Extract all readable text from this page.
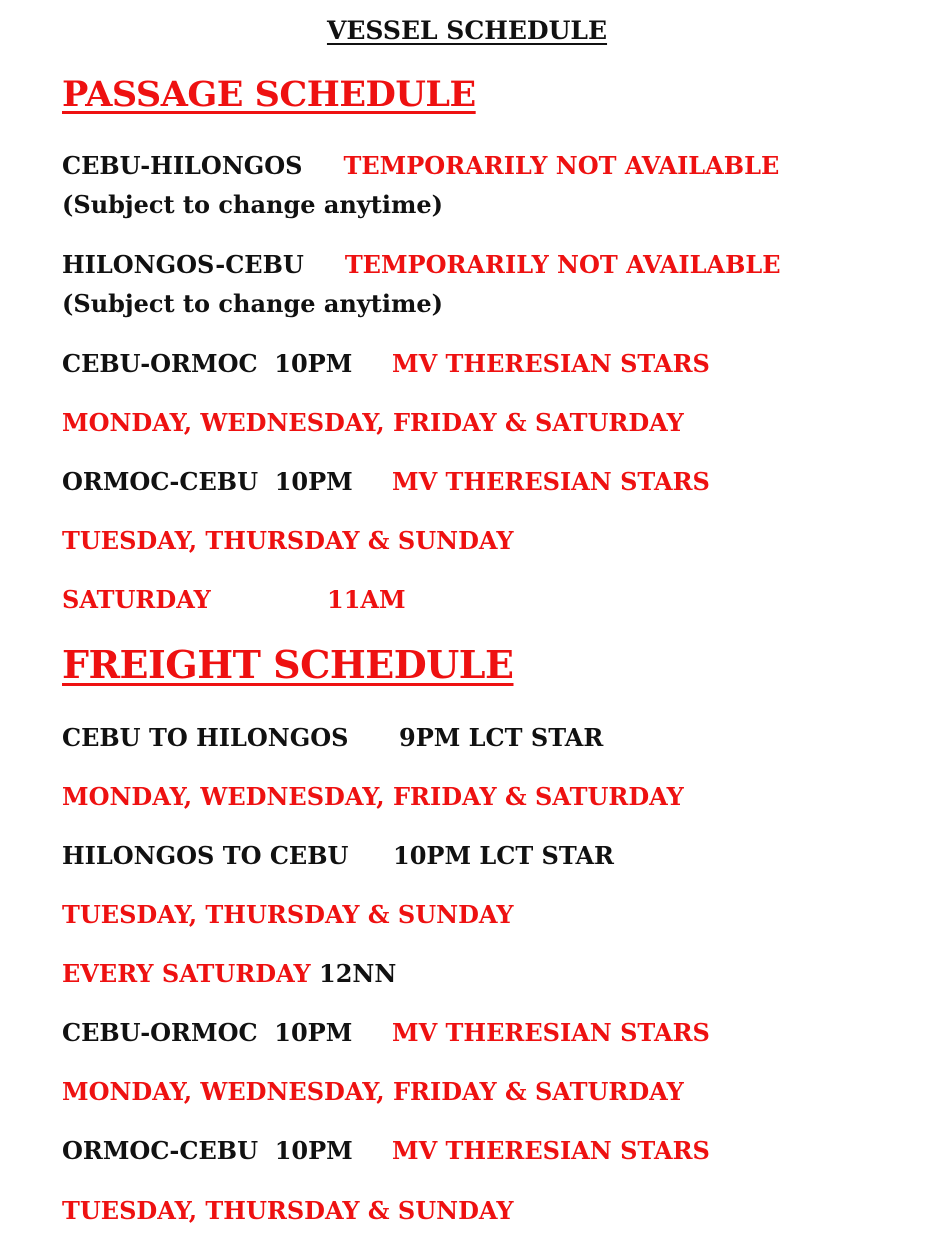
VESSEL SCHEDULE
PASSAGE SCHEDULE
CEBU-HILONGOS TEMPORARILY NOT AVAILABLE (Subject to change anytime)
HILONGOS-CEBU TEMPORARILY NOT AVAILABLE (Subject to change anytime)
CEBU-ORMOC  10PM MV THERESIAN STARS
MONDAY, WEDNESDAY, FRIDAY & SATURDAY
ORMOC-CEBU  10PM MV THERESIAN STARS
TUESDAY, THURSDAY & SUNDAY
SATURDAY	11AM
FREIGHT SCHEDULE
CEBU TO HILONGOS 9PM LCT STAR
MONDAY, WEDNESDAY, FRIDAY & SATURDAY
HILONGOS TO CEBU 10PM LCT STAR
TUESDAY, THURSDAY & SUNDAY
EVERY SATURDAY 12NN
CEBU-ORMOC  10PM MV THERESIAN STARS
MONDAY, WEDNESDAY, FRIDAY & SATURDAY
ORMOC-CEBU  10PM MV THERESIAN STARS
TUESDAY, THURSDAY & SUNDAY
